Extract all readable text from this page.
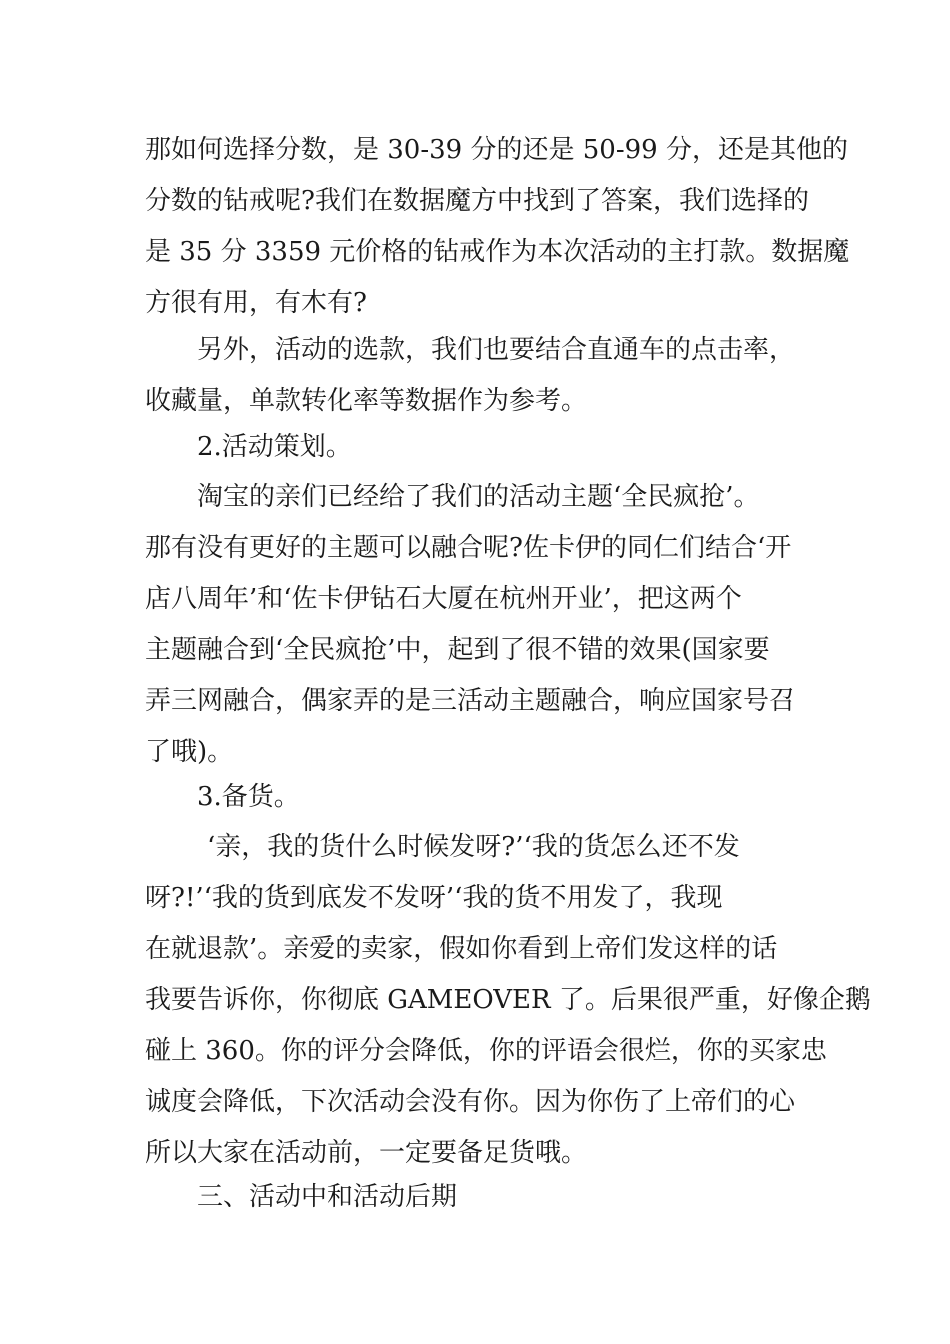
那如何选择分数，是 30-39 分的还是 50-99 分，还是其他的
分数的钻戒呢?我们在数据魔方中找到了答案，我们选择的
是 35 分 3359 元价格的钻戒作为本次活动的主打款。数据魔
方很有用，有木有?
另外，活动的选款，我们也要结合直通车的点击率，
收藏量，单款转化率等数据作为参考。
2.活动策划。
淘宝的亲们已经给了我们的活动主题‘全民疯抢’。
那有没有更好的主题可以融合呢?佐卡伊的同仁们结合‘开
店八周年’和‘佐卡伊钻石大厦在杭州开业’，把这两个
主题融合到‘全民疯抢’中，起到了很不错的效果(国家要
弄三网融合，偶家弄的是三活动主题融合，响应国家号召
了哦)。
3.备货。
‘亲，我的货什么时候发呀?’‘我的货怎么还不发
呀?!’‘我的货到底发不发呀’‘我的货不用发了，我现
在就退款’。亲爱的卖家，假如你看到上帝们发这样的话
我要告诉你，你彻底 GAMEOVER 了。后果很严重，好像企鹅
碰上 360。你的评分会降低，你的评语会很烂，你的买家忠
诚度会降低，下次活动会没有你。因为你伤了上帝们的心
所以大家在活动前，一定要备足货哦。
三、活动中和活动后期
